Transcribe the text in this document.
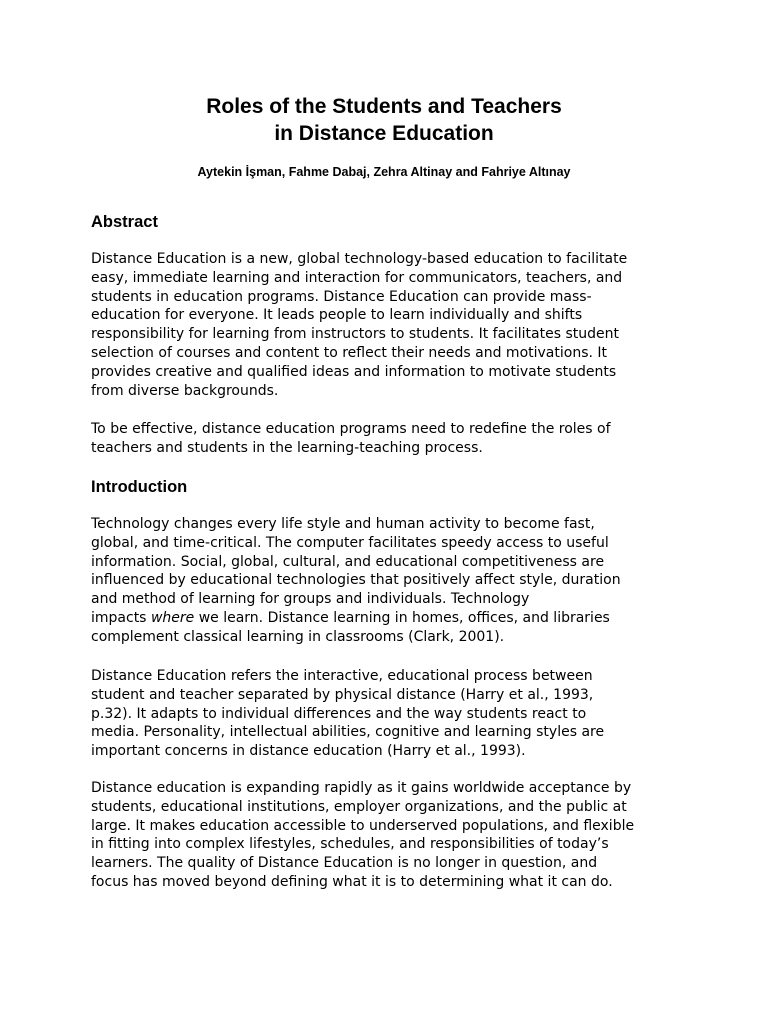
Roles of the Students and Teachers
in Distance Education

Aytekin İşman, Fahme Dabaj, Zehra Altinay and Fahriye Altınay

Abstract

Distance Education is a new, global technology-based education to facilitate
easy, immediate learning and interaction for communicators, teachers, and
students in education programs. Distance Education can provide mass-
education for everyone. It leads people to learn individually and shifts
responsibility for learning from instructors to students. It facilitates student
selection of courses and content to reflect their needs and motivations. It
provides creative and qualified ideas and information to motivate students
from diverse backgrounds.

To be effective, distance education programs need to redefine the roles of
teachers and students in the learning-teaching process.

Introduction

Technology changes every life style and human activity to become fast,
global, and time-critical. The computer facilitates speedy access to useful
information. Social, global, cultural, and educational competitiveness are
influenced by educational technologies that positively affect style, duration
and method of learning for groups and individuals. Technology
impacts where we learn. Distance learning in homes, offices, and libraries
complement classical learning in classrooms (Clark, 2001).

Distance Education refers the interactive, educational process between
student and teacher separated by physical distance (Harry et al., 1993,
p.32). It adapts to individual differences and the way students react to
media. Personality, intellectual abilities, cognitive and learning styles are
important concerns in distance education (Harry et al., 1993).

Distance education is expanding rapidly as it gains worldwide acceptance by
students, educational institutions, employer organizations, and the public at
large. It makes education accessible to underserved populations, and flexible
in fitting into complex lifestyles, schedules, and responsibilities of today’s
learners. The quality of Distance Education is no longer in question, and
focus has moved beyond defining what it is to determining what it can do.
